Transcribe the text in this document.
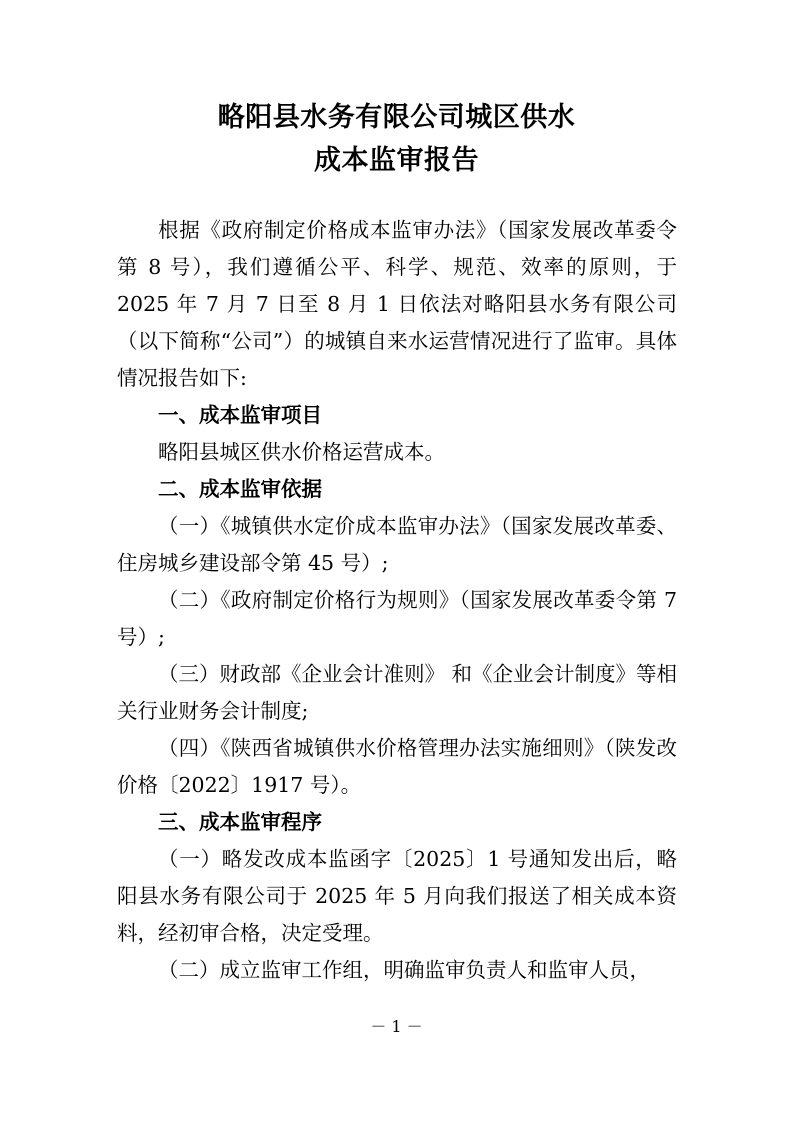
略阳县水务有限公司城区供水
成本监审报告

根据《政府制定价格成本监审办法》（国家发展改革委令第 8 号），我们遵循公平、科学、规范、效率的原则，于 2025 年 7 月 7 日至 8 月 1 日依法对略阳县水务有限公司（以下简称“公司”）的城镇自来水运营情况进行了监审。具体情况报告如下:

一、成本监审项目

略阳县城区供水价格运营成本。

二、成本监审依据

（一）《城镇供水定价成本监审办法》（国家发展改革委、住房城乡建设部令第 45 号）;

（二）《政府制定价格行为规则》（国家发展改革委令第 7 号）;

（三）财政部《企业会计准则》 和《企业会计制度》等相关行业财务会计制度;

（四）《陕西省城镇供水价格管理办法实施细则》（陕发改价格〔2022〕1917 号）。

三、成本监审程序

（一）略发改成本监函字〔2025〕1 号通知发出后，略阳县水务有限公司于 2025 年 5 月向我们报送了相关成本资料，经初审合格，决定受理。

（二）成立监审工作组，明确监审负责人和监审人员，

－ 1 －
